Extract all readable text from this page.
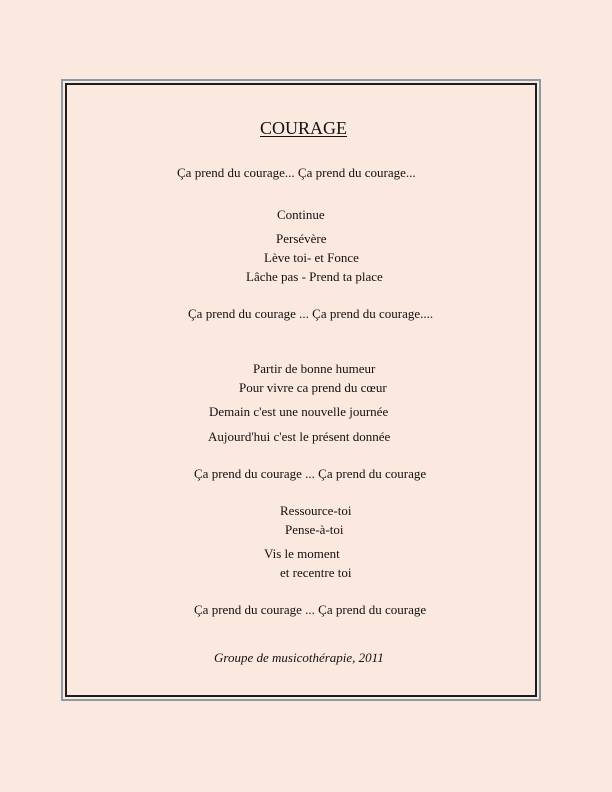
COURAGE
Ça prend du courage... Ça prend du courage...
Continue
Persévère
Lève toi- et Fonce
Lâche pas - Prend ta place
Ça prend du courage ... Ça prend du courage....
Partir de bonne humeur
Pour vivre ca prend du cœur
Demain c'est une nouvelle journée
Aujourd'hui c'est le présent donnée
Ça prend du courage ... Ça prend du courage
Ressource-toi
Pense-à-toi
Vis le moment
et recentre toi
Ça prend du courage ... Ça prend du courage
Groupe de musicothérapie, 2011
